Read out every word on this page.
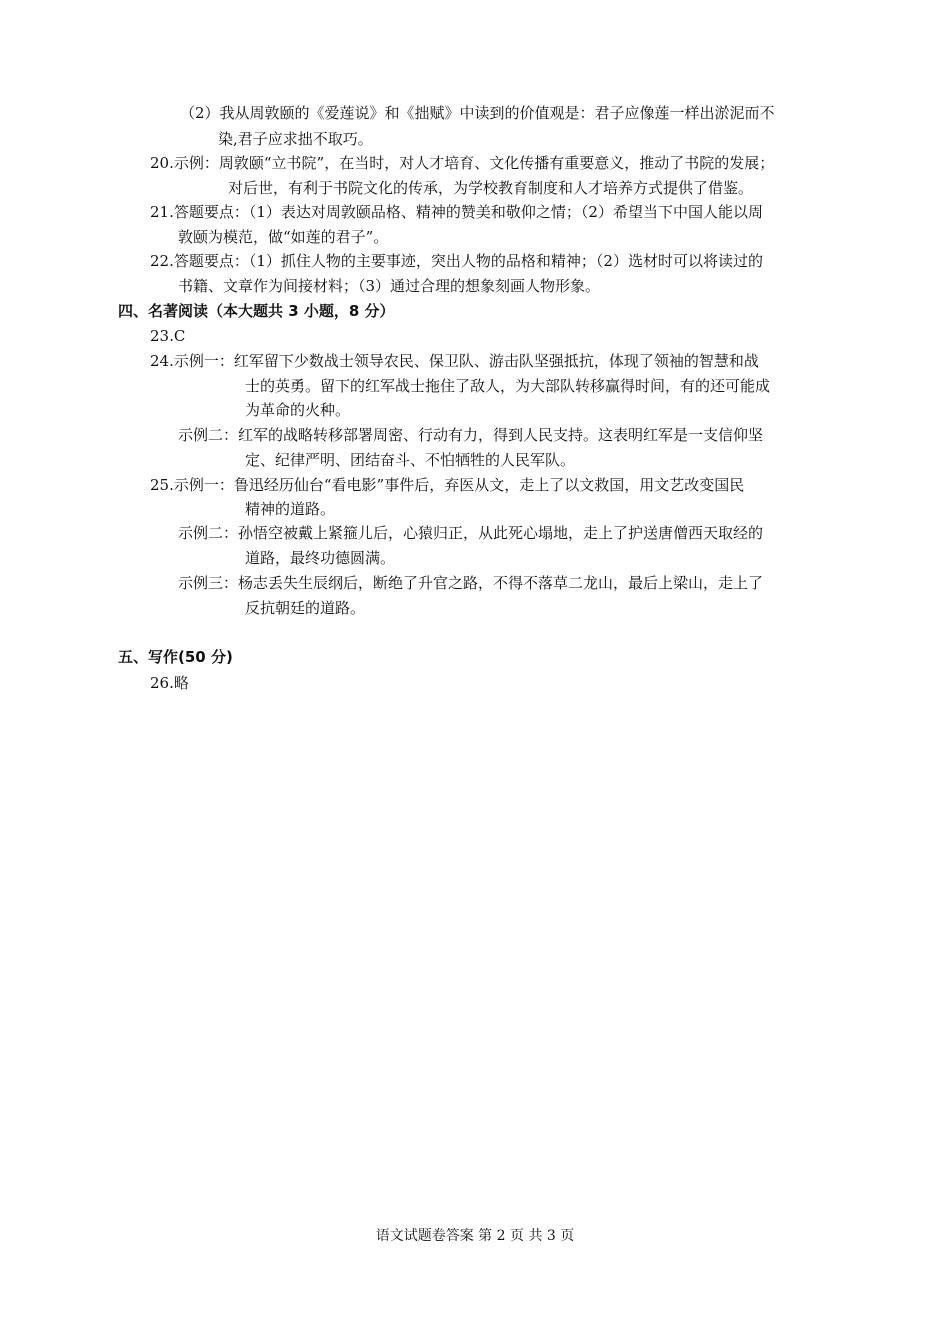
（2）我从周敦颐的《爱莲说》和《拙赋》中读到的价值观是：君子应像莲一样出淤泥而不
染,君子应求拙不取巧。
20.示例：周敦颐“立书院”，在当时，对人才培育、文化传播有重要意义，推动了书院的发展；
对后世，有利于书院文化的传承，为学校教育制度和人才培养方式提供了借鉴。
21.答题要点：（1）表达对周敦颐品格、精神的赞美和敬仰之情；（2）希望当下中国人能以周
敦颐为模范，做“如莲的君子”。
22.答题要点：（1）抓住人物的主要事迹，突出人物的品格和精神；（2）选材时可以将读过的
书籍、文章作为间接材料；（3）通过合理的想象刻画人物形象。
四、名著阅读（本大题共 3 小题，8 分）
23.C
24.示例一：红军留下少数战士领导农民、保卫队、游击队坚强抵抗，体现了领袖的智慧和战
士的英勇。留下的红军战士拖住了敌人，为大部队转移赢得时间，有的还可能成
为革命的火种。
示例二：红军的战略转移部署周密、行动有力，得到人民支持。这表明红军是一支信仰坚
定、纪律严明、团结奋斗、不怕牺牲的人民军队。
25.示例一：鲁迅经历仙台“看电影”事件后，弃医从文，走上了以文救国，用文艺改变国民
精神的道路。
示例二：孙悟空被戴上紧箍儿后，心猿归正，从此死心塌地，走上了护送唐僧西天取经的
道路，最终功德圆满。
示例三：杨志丢失生辰纲后，断绝了升官之路，不得不落草二龙山，最后上梁山，走上了
反抗朝廷的道路。
五、写作(50 分)
26.略
语文试题卷答案 第 2 页 共 3 页
